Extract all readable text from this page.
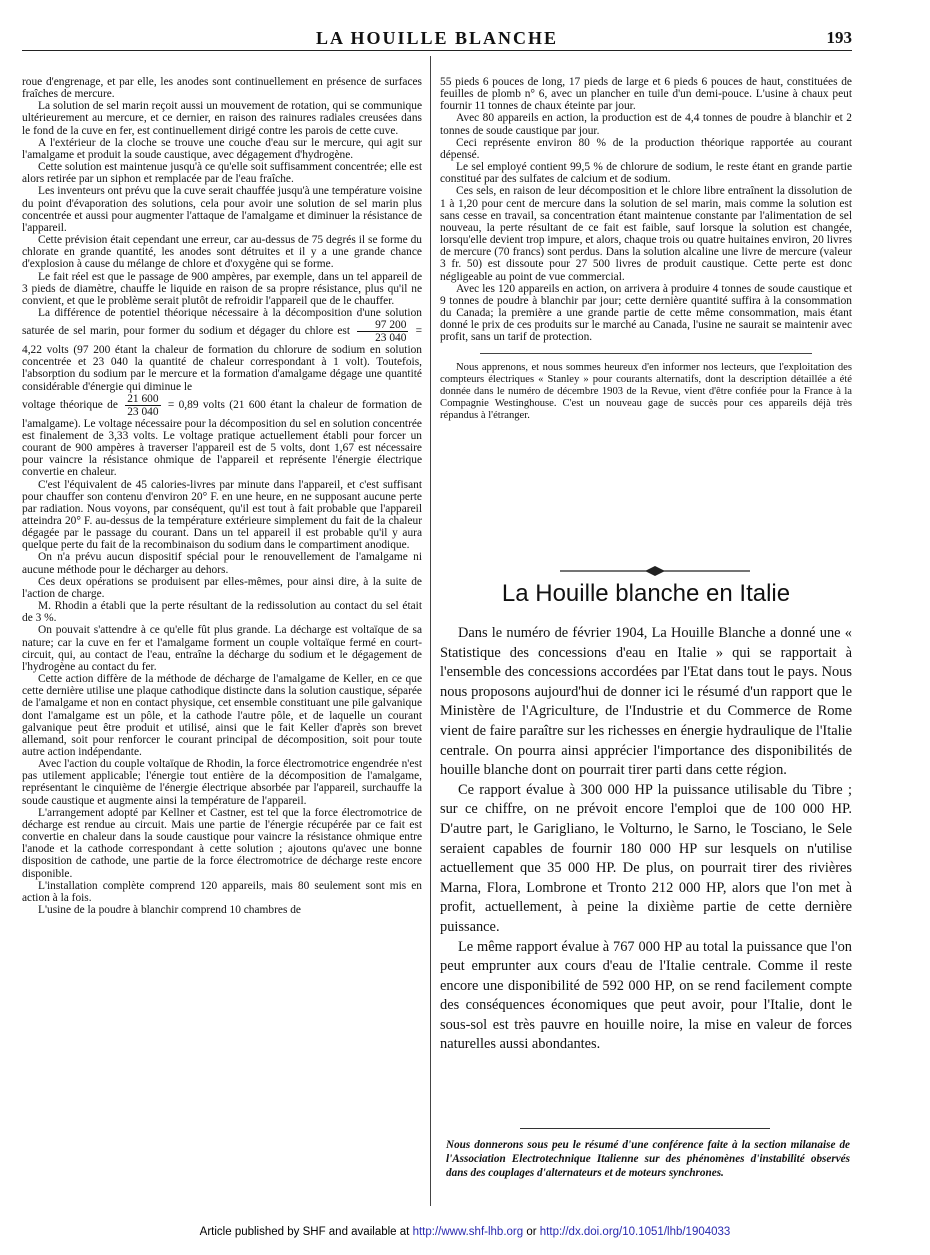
LA HOUILLE BLANCHE	193

roue d'engrenage, et par elle, les anodes sont continuellement en présence de surfaces fraîches de mercure.

La solution de sel marin reçoit aussi un mouvement de rotation, qui se communique ultérieurement au mercure, et ce dernier, en raison des rainures radiales creusées dans le fond de la cuve en fer, est continuellement dirigé contre les parois de cette cuve.

A l'extérieur de la cloche se trouve une couche d'eau sur le mercure, qui agit sur l'amalgame et produit la soude caustique, avec dégagement d'hydrogène.

Cette solution est maintenue jusqu'à ce qu'elle soit suffisamment concentrée; elle est alors retirée par un siphon et remplacée par de l'eau fraîche.

Les inventeurs ont prévu que la cuve serait chauffée jusqu'à une température voisine du point d'évaporation des solutions, cela pour avoir une solution de sel marin plus concentrée et aussi pour augmenter l'attaque de l'amalgame et diminuer la résistance de l'appareil.

Cette prévision était cependant une erreur, car au-dessus de 75 degrés il se forme du chlorate en grande quantité, les anodes sont détruites et il y a une grande chance d'explosion à cause du mélange de chlore et d'oxygène qui se forme.

Le fait réel est que le passage de 900 ampères, par exemple, dans un tel appareil de 3 pieds de diamètre, chauffe le liquide en raison de sa propre résistance, plus qu'il ne convient, et que le problème serait plutôt de refroidir l'appareil que de le chauffer.

La différence de potentiel théorique nécessaire à la décomposition d'une solution saturée de sel marin, pour former du sodium et dégager du chlore est $\frac{97 200}{23 040} = 4,22$ volts (97 200 étant la chaleur de formation du chlorure de sodium en solution concentrée et 23 040 la quantité de chaleur correspondant à 1 volt). Toutefois, l'absorption du sodium par le mercure et la formation d'amalgame dégage une quantité considérable d'énergie qui diminue le

voltage théorique de $\frac{21 600}{23 040} = 0,89$ volts (21 600 étant la chaleur de formation de l'amalgame). Le voltage nécessaire pour la décomposition du sel en solution concentrée est finalement de 3,33 volts. Le voltage pratique actuellement établi pour forcer un courant de 900 ampères à traverser l'appareil est de 5 volts, dont 1,67 est nécessaire pour vaincre la résistance ohmique de l'appareil et représente l'énergie électrique convertie en chaleur.

C'est l'équivalent de 45 calories-livres par minute dans l'appareil, et c'est suffisant pour chauffer son contenu d'environ 20° F. en une heure, en ne supposant aucune perte par radiation. Nous voyons, par conséquent, qu'il est tout à fait probable que l'appareil atteindra 20° F. au-dessus de la température extérieure simplement du fait de la chaleur dégagée par le passage du courant. Dans un tel appareil il est probable qu'il y aura quelque perte du fait de la recombinaison du sodium dans le compartiment anodique.

On n'a prévu aucun dispositif spécial pour le renouvellement de l'amalgame ni aucune méthode pour le décharger au dehors.

Ces deux opérations se produisent par elles-mêmes, pour ainsi dire, à la suite de l'action de charge.

M. Rhodin a établi que la perte résultant de la redissolution au contact du sel était de 3 %.

On pouvait s'attendre à ce qu'elle fût plus grande. La décharge est voltaïque de sa nature; car la cuve en fer et l'amalgame forment un couple voltaïque fermé en court-circuit, qui, au contact de l'eau, entraîne la décharge du sodium et le dégagement de l'hydrogène au contact du fer.

Cette action diffère de la méthode de décharge de l'amalgame de Keller, en ce que cette dernière utilise une plaque cathodique distincte dans la solution caustique, séparée de l'amalgame et non en contact physique, cet ensemble constituant une pile galvanique dont l'amalgame est un pôle, et la cathode l'autre pôle, et de laquelle un courant galvanique peut être produit et utilisé, ainsi que le fait Keller d'après son brevet allemand, soit pour renforcer le courant principal de décomposition, soit pour toute autre action indépendante.

Avec l'action du couple voltaïque de Rhodin, la force électromotrice engendrée n'est pas utilement applicable; l'énergie tout entière de la décomposition de l'amalgame, représentant le cinquième de l'énergie électrique absorbée par l'appareil, surchauffe la soude caustique et augmente ainsi la température de l'appareil.

L'arrangement adopté par Kellner et Castner, est tel que la force électromotrice de décharge est rendue au circuit. Mais une partie de l'énergie récupérée par ce fait est convertie en chaleur dans la soude caustique pour vaincre la résistance ohmique entre l'anode et la cathode correspondant à cette solution ; ajoutons qu'avec une bonne disposition de cathode, une partie de la force électromotrice de décharge reste encore disponible.

L'installation complète comprend 120 appareils, mais 80 seulement sont mis en action à la fois.

L'usine de la poudre à blanchir comprend 10 chambres de

55 pieds 6 pouces de long, 17 pieds de large et 6 pieds 6 pouces de haut, constituées de feuilles de plomb n° 6, avec un plancher en tuile d'un demi-pouce. L'usine à chaux peut fournir 11 tonnes de chaux éteinte par jour.

Avec 80 appareils en action, la production est de 4,4 tonnes de poudre à blanchir et 2 tonnes de soude caustique par jour.

Ceci représente environ 80 % de la production théorique rapportée au courant dépensé.

Le sel employé contient 99,5 % de chlorure de sodium, le reste étant en grande partie constitué par des sulfates de calcium et de sodium.

Ces sels, en raison de leur décomposition et le chlore libre entraînent la dissolution de 1 à 1,20 pour cent de mercure dans la solution de sel marin, mais comme la solution est sans cesse en travail, sa concentration étant maintenue constante par l'alimentation de sel nouveau, la perte résultant de ce fait est faible, sauf lorsque la solution est changée, lorsqu'elle devient trop impure, et alors, chaque trois ou quatre huitaines environ, 20 livres de mercure (70 francs) sont perdus. Dans la solution alcaline une livre de mercure (valeur 3 fr. 50) est dissoute pour 27 500 livres de produit caustique. Cette perte est donc négligeable au point de vue commercial.

Avec les 120 appareils en action, on arrivera à produire 4 tonnes de soude caustique et 9 tonnes de poudre à blanchir par jour; cette dernière quantité suffira à la consommation du Canada; la première a une grande partie de cette même consommation, mais étant donné le prix de ces produits sur le marché au Canada, l'usine ne saurait se maintenir avec profit, sans un tarif de protection.

Nous apprenons, et nous sommes heureux d'en informer nos lecteurs, que l'exploitation des compteurs électriques « Stanley » pour courants alternatifs, dont la description détaillée a été donnée dans le numéro de décembre 1903 de la Revue, vient d'être confiée pour la France à la Compagnie Westinghouse. C'est un nouveau gage de succès pour ces appareils déjà très répandus à l'étranger.

La Houille blanche en Italie

Dans le numéro de février 1904, La Houille Blanche a donné une « Statistique des concessions d'eau en Italie » qui se rapportait à l'ensemble des concessions accordées par l'Etat dans tout le pays. Nous nous proposons aujourd'hui de donner ici le résumé d'un rapport que le Ministère de l'Agriculture, de l'Industrie et du Commerce de Rome vient de faire paraître sur les richesses en énergie hydraulique de l'Italie centrale. On pourra ainsi apprécier l'importance des disponibilités de houille blanche dont on pourrait tirer parti dans cette région.

Ce rapport évalue à 300 000 HP la puissance utilisable du Tibre ; sur ce chiffre, on ne prévoit encore l'emploi que de 100 000 HP. D'autre part, le Garigliano, le Volturno, le Sarno, le Tosciano, le Sele seraient capables de fournir 180 000 HP sur lesquels on n'utilise actuellement que 35 000 HP. De plus, on pourrait tirer des rivières Marna, Flora, Lombrone et Tronto 212 000 HP, alors que l'on met à profit, actuellement, à peine la dixième partie de cette dernière puissance.

Le même rapport évalue à 767 000 HP au total la puissance que l'on peut emprunter aux cours d'eau de l'Italie centrale. Comme il reste encore une disponibilité de 592 000 HP, on se rend facilement compte des conséquences économiques que peut avoir, pour l'Italie, dont le sous-sol est très pauvre en houille noire, la mise en valeur de forces naturelles aussi abondantes.

Nous donnerons sous peu le résumé d'une conférence faite à la section milanaise de l'Association Electrotechnique Italienne sur des phénomènes d'instabilité observés dans des couplages d'alternateurs et de moteurs synchrones.
Article published by SHF and available at http://www.shf-lhb.org or http://dx.doi.org/10.1051/lhb/1904033
